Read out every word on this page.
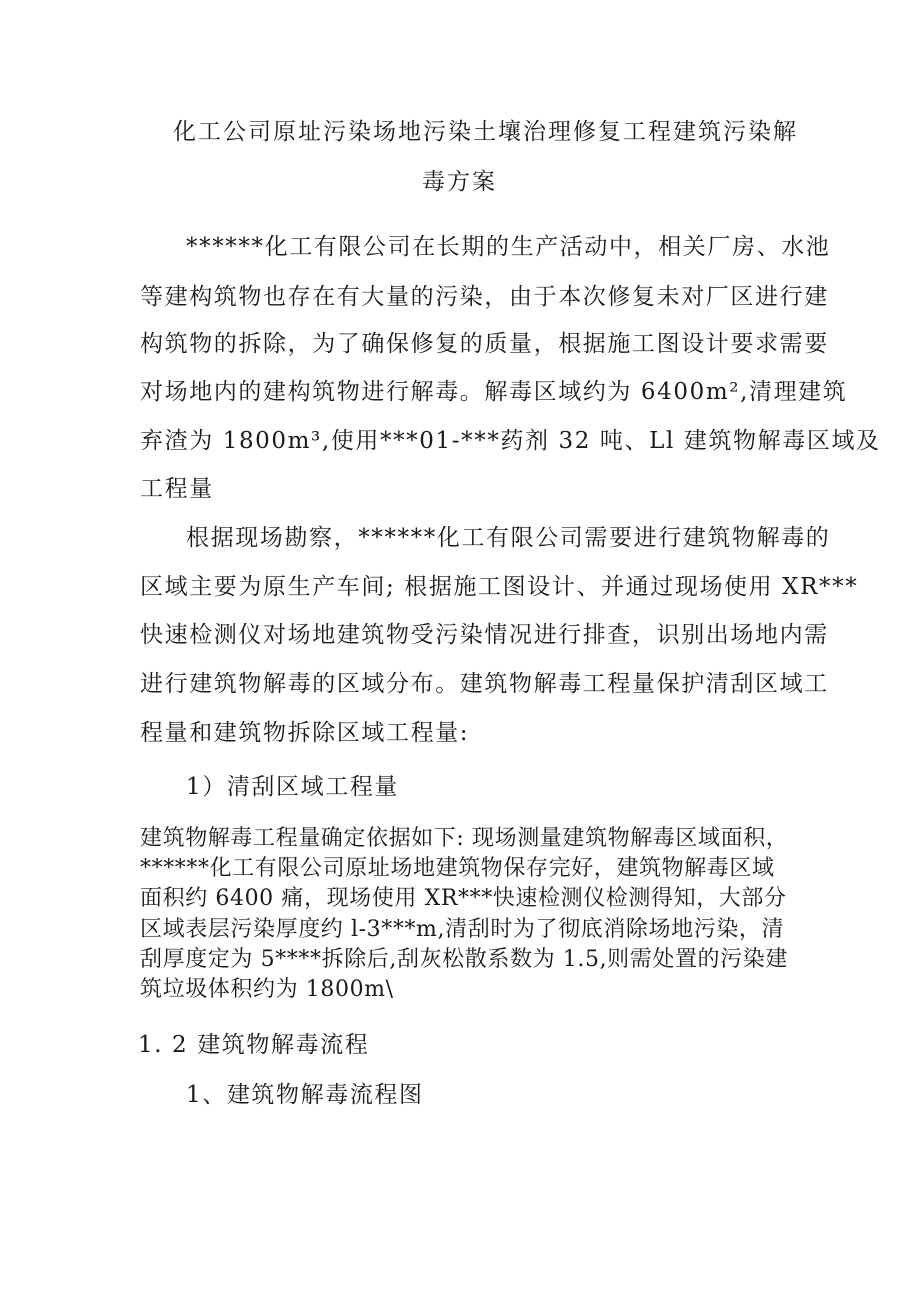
化工公司原址污染场地污染土壤治理修复工程建筑污染解

毒方案

******化工有限公司在长期的生产活动中，相关厂房、水池

等建构筑物也存在有大量的污染，由于本次修复未对厂区进行建

构筑物的拆除，为了确保修复的质量，根据施工图设计要求需要

对场地内的建构筑物进行解毒。解毒区域约为 6400m²,清理建筑

弃渣为 1800m³,使用***01-***药剂 32 吨、Ll 建筑物解毒区域及

工程量

根据现场勘察，******化工有限公司需要进行建筑物解毒的

区域主要为原生产车间; 根据施工图设计、并通过现场使用 XR***

快速检测仪对场地建筑物受污染情况进行排查，识别出场地内需

进行建筑物解毒的区域分布。建筑物解毒工程量保护清刮区域工

程量和建筑物拆除区域工程量:

1）清刮区域工程量

建筑物解毒工程量确定依据如下: 现场测量建筑物解毒区域面积，

******化工有限公司原址场地建筑物保存完好，建筑物解毒区域

面积约 6400 痛，现场使用 XR***快速检测仪检测得知，大部分

区域表层污染厚度约 l-3***m,清刮时为了彻底消除场地污染，清

刮厚度定为 5****拆除后,刮灰松散系数为 1.5,则需处置的污染建

筑垃圾体积约为 1800m\

1. 2 建筑物解毒流程

1、建筑物解毒流程图
